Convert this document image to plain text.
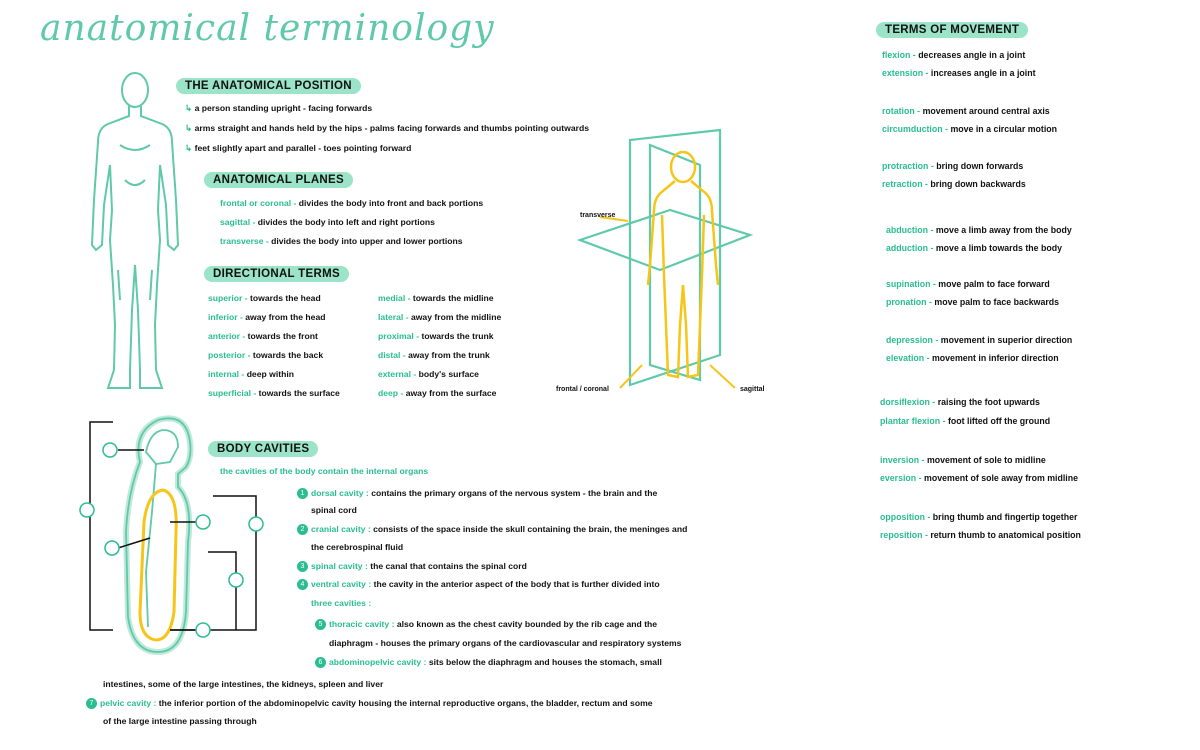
anatomical terminology
THE ANATOMICAL POSITION
↳ a person standing upright - facing forwards
↳ arms straight and hands held by the hips - palms facing forwards and thumbs pointing outwards
↳ feet slightly apart and parallel - toes pointing forward
ANATOMICAL PLANES
frontal or coronal - divides the body into front and back portions
sagittal - divides the body into left and right portions
transverse - divides the body into upper and lower portions
DIRECTIONAL TERMS
superior - towards the head
inferior - away from the head
anterior - towards the front
posterior - towards the back
internal - deep within
superficial - towards the surface
medial - towards the midline
lateral - away from the midline
proximal - towards the trunk
distal - away from the trunk
external - body's surface
deep - away from the surface
transverse
frontal / coronal	sagittal
BODY CAVITIES
the cavities of the body contain the internal organs
1 dorsal cavity : contains the primary organs of the nervous system - the brain and the
spinal cord
2 cranial cavity : consists of the space inside the skull containing the brain, the meninges and
the cerebrospinal fluid
3 spinal cavity : the canal that contains the spinal cord
4 ventral cavity : the cavity in the anterior aspect of the body that is further divided into
three cavities :
5 thoracic cavity : also known as the chest cavity bounded by the rib cage and the
diaphragm - houses the primary organs of the cardiovascular and respiratory systems
6 abdominopelvic cavity : sits below the diaphragm and houses the stomach, small
intestines, some of the large intestines, the kidneys, spleen and liver
7 pelvic cavity : the inferior portion of the abdominopelvic cavity housing the internal reproductive organs, the bladder, rectum and some
of the large intestine passing through
TERMS OF MOVEMENT
flexion - decreases angle in a joint
extension - increases angle in a joint
rotation - movement around central axis
circumduction - move in a circular motion
protraction - bring down forwards
retraction - bring down backwards
abduction - move a limb away from the body
adduction - move a limb towards the body
supination - move palm to face forward
pronation - move palm to face backwards
depression - movement in superior direction
elevation - movement in inferior direction
dorsiflexion - raising the foot upwards
plantar flexion - foot lifted off the ground
inversion - movement of sole to midline
eversion - movement of sole away from midline
opposition - bring thumb and fingertip together
reposition - return thumb to anatomical position
